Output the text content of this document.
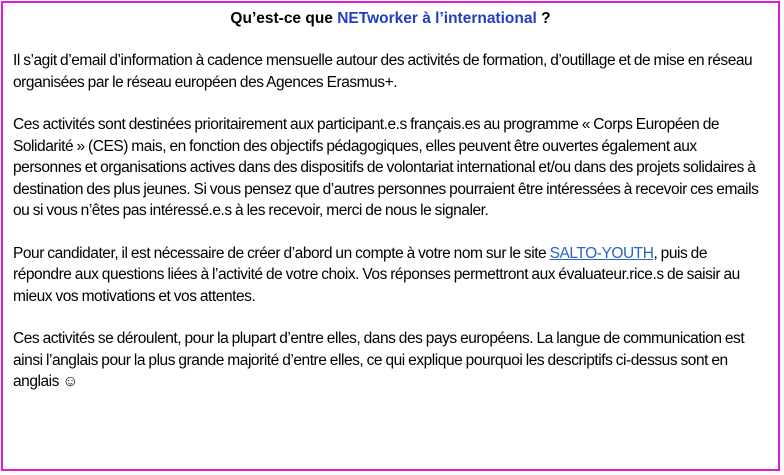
Qu’est-ce que NETworker à l’international ?

Il s’agit d’email d’information à cadence mensuelle autour des activités de formation, d’outillage et de mise en réseau organisées par le réseau européen des Agences Erasmus+.

Ces activités sont destinées prioritairement aux participant.e.s français.es au programme « Corps Européen de Solidarité » (CES) mais, en fonction des objectifs pédagogiques, elles peuvent être ouvertes également aux personnes et organisations actives dans des dispositifs de volontariat international et/ou dans des projets solidaires à destination des plus jeunes. Si vous pensez que d’autres personnes pourraient être intéressées à recevoir ces emails ou si vous n’êtes pas intéressé.e.s à les recevoir, merci de nous le signaler.

Pour candidater, il est nécessaire de créer d’abord un compte à votre nom sur le site SALTO-YOUTH, puis de répondre aux questions liées à l’activité de votre choix. Vos réponses permettront aux évaluateur.rice.s de saisir au mieux vos motivations et vos attentes.

Ces activités se déroulent, pour la plupart d’entre elles, dans des pays européens. La langue de communication est ainsi l’anglais pour la plus grande majorité d’entre elles, ce qui explique pourquoi les descriptifs ci-dessus sont en anglais ☺
